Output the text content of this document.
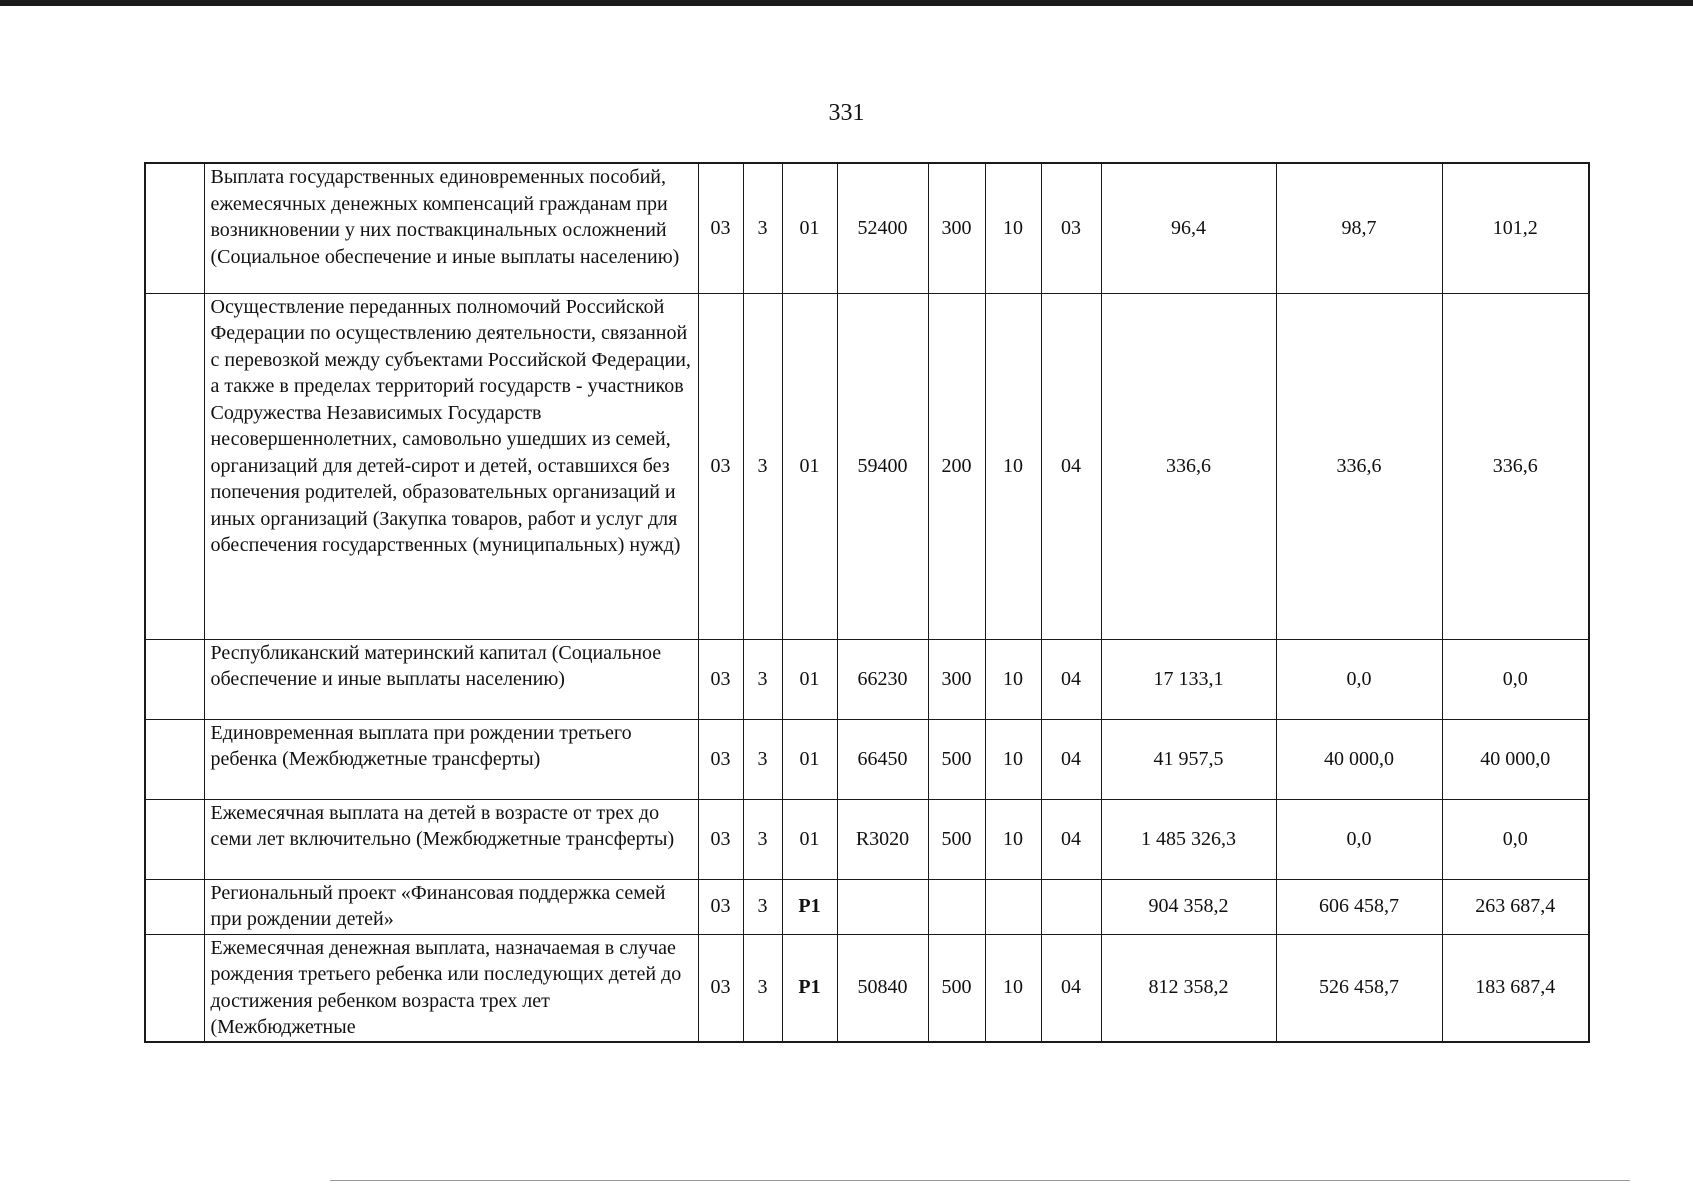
331
	Выплата государственных единовременных пособий, ежемесячных денежных компенсаций гражданам при возникновении у них поствакцинальных осложнений (Социальное обеспечение и иные выплаты населению)	03	3	01	52400	300	10	03	96,4	98,7	101,2
	Осуществление переданных полномочий Российской Федерации по осуществлению деятельности, связанной с перевозкой между субъектами Российской Федерации, а также в пределах территорий государств - участников Содружества Независимых Государств несовершеннолетних, самовольно ушедших из семей, организаций для детей-сирот и детей, оставшихся без попечения родителей, образовательных организаций и иных организаций (Закупка товаров, работ и услуг для обеспечения государственных (муниципальных) нужд)	03	3	01	59400	200	10	04	336,6	336,6	336,6
	Республиканский материнский капитал (Социальное обеспечение и иные выплаты населению)	03	3	01	66230	300	10	04	17 133,1	0,0	0,0
	Единовременная выплата при рождении третьего ребенка (Межбюджетные трансферты)	03	3	01	66450	500	10	04	41 957,5	40 000,0	40 000,0
	Ежемесячная выплата на детей в возрасте от трех до семи лет включительно (Межбюджетные трансферты)	03	3	01	R3020	500	10	04	1 485 326,3	0,0	0,0
	Региональный проект «Финансовая поддержка семей при рождении детей»	03	3	P1					904 358,2	606 458,7	263 687,4
	Ежемесячная денежная выплата, назначаемая в случае рождения третьего ребенка или последующих детей до достижения ребенком возраста трех лет (Межбюджетные	03	3	P1	50840	500	10	04	812 358,2	526 458,7	183 687,4
